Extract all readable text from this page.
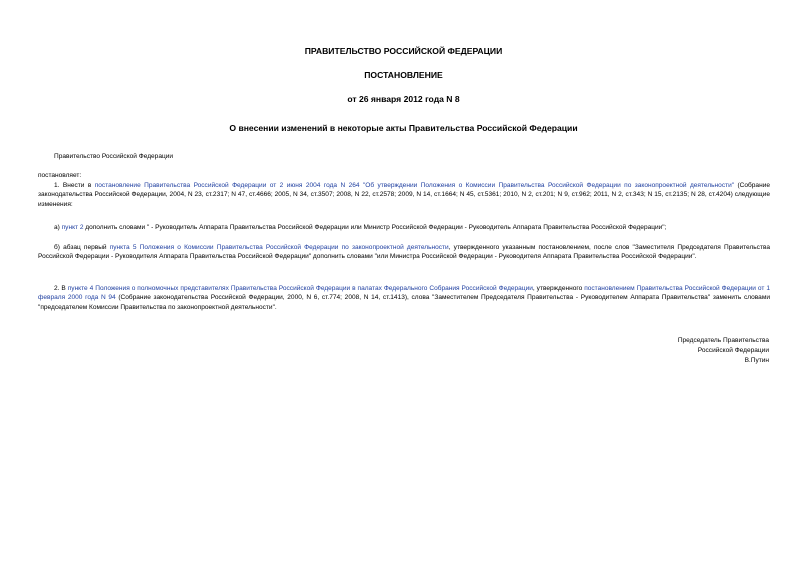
ПРАВИТЕЛЬСТВО РОССИЙСКОЙ ФЕДЕРАЦИИ
ПОСТАНОВЛЕНИЕ
от 26 января 2012 года N 8
О внесении изменений в некоторые акты Правительства Российской Федерации
Правительство Российской Федерации
постановляет:
1. Внести в постановление Правительства Российской Федерации от 2 июня 2004 года N 264 "Об утверждении Положения о Комиссии Правительства Российской Федерации по законопроектной деятельности" (Собрание законодательства Российской Федерации, 2004, N 23, ст.2317; N 47, ст.4666; 2005, N 34, ст.3507; 2008, N 22, ст.2578; 2009, N 14, ст.1664; N 45, ст.5361; 2010, N 2, ст.201; N 9, ст.962; 2011, N 2, ст.343; N 15, ст.2135; N 28, ст.4204) следующие изменения:
а) пункт 2 дополнить словами " - Руководитель Аппарата Правительства Российской Федерации или Министр Российской Федерации - Руководитель Аппарата Правительства Российской Федерации";
б) абзац первый пункта 5 Положения о Комиссии Правительства Российской Федерации по законопроектной деятельности, утвержденного указанным постановлением, после слов "Заместителя Председателя Правительства Российской Федерации - Руководителя Аппарата Правительства Российской Федерации" дополнить словами "или Министра Российской Федерации - Руководителя Аппарата Правительства Российской Федерации".
2. В пункте 4 Положения о полномочных представителях Правительства Российской Федерации в палатах Федерального Собрания Российской Федерации, утвержденного постановлением Правительства Российской Федерации от 1 февраля 2000 года N 94 (Собрание законодательства Российской Федерации, 2000, N 6, ст.774; 2008, N 14, ст.1413), слова "Заместителем Председателя Правительства - Руководителем Аппарата Правительства" заменить словами "председателем Комиссии Правительства по законопроектной деятельности".
Председатель Правительства
Российской Федерации
В.Путин
